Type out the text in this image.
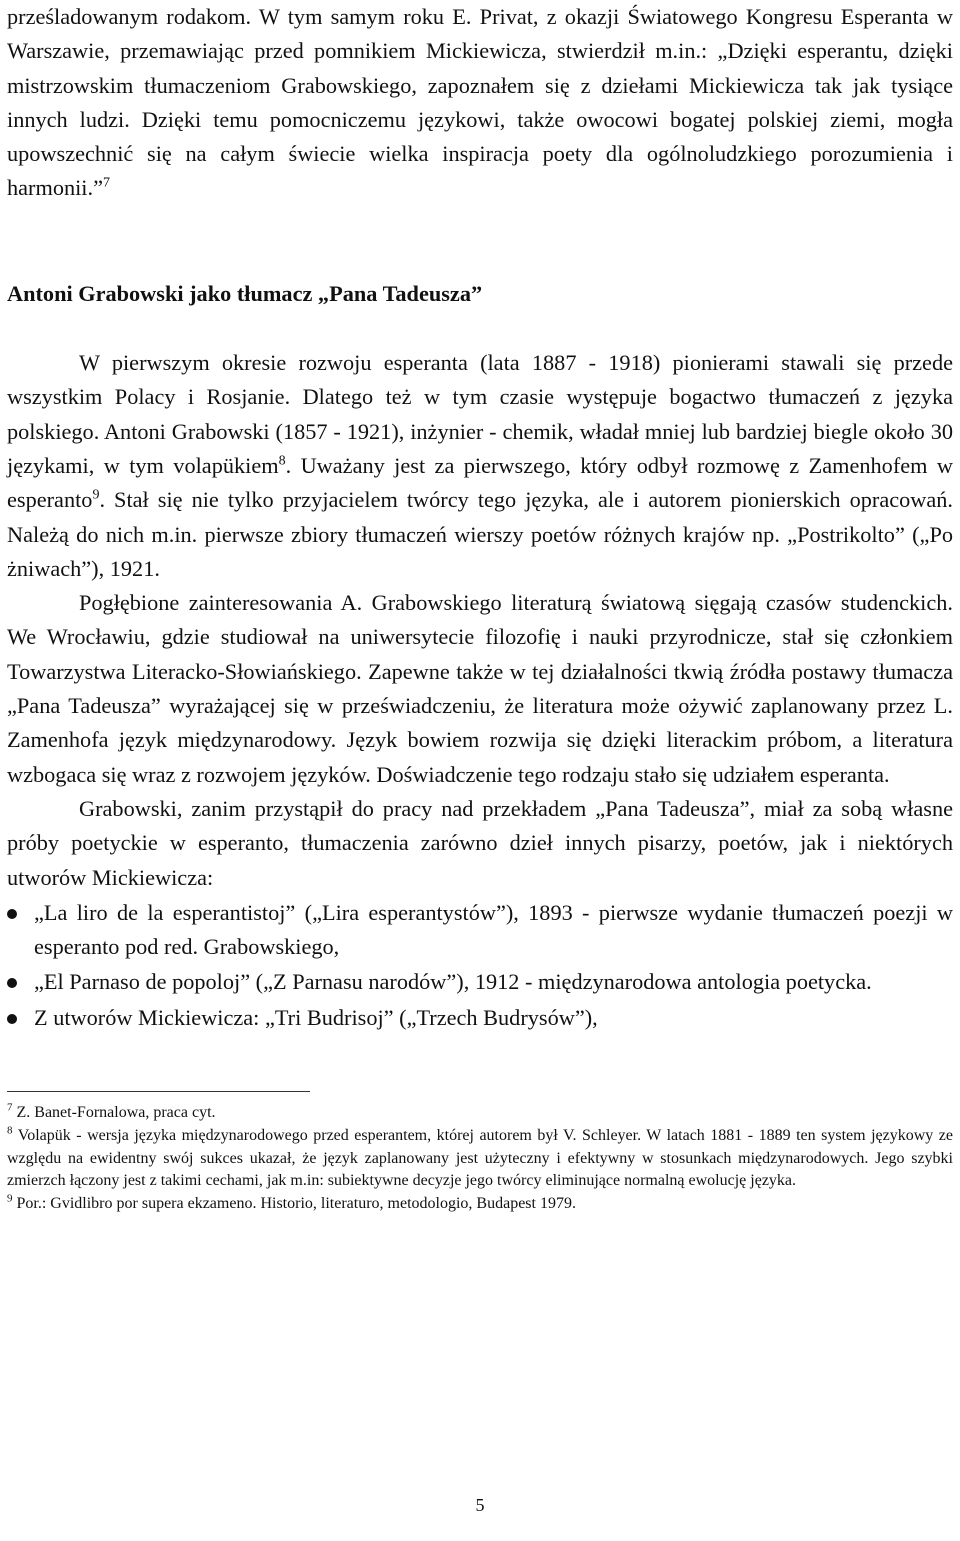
prześladowanym rodakom. W tym samym roku E. Privat, z okazji Światowego Kongresu Esperanta w Warszawie, przemawiając przed pomnikiem Mickiewicza, stwierdził m.in.: „Dzięki esperantu, dzięki mistrzowskim tłumaczeniom Grabowskiego, zapoznałem się z dziełami Mickiewicza tak jak tysiące innych ludzi. Dzięki temu pomocniczemu językowi, także owocowi bogatej polskiej ziemi, mogła upowszechnić się na całym świecie wielka inspiracja poety dla ogólnoludzkiego porozumienia i harmonii.”$^7$

Antoni Grabowski jako tłumacz „Pana Tadeusza”

W pierwszym okresie rozwoju esperanta (lata 1887 - 1918) pionierami stawali się przede wszystkim Polacy i Rosjanie. Dlatego też w tym czasie występuje bogactwo tłumaczeń z języka polskiego. Antoni Grabowski (1857 - 1921), inżynier - chemik, władał mniej lub bardziej biegle około 30 językami, w tym volapükiem$^8$. Uważany jest za pierwszego, który odbył rozmowę z Zamenhofem w esperanto$^9$. Stał się nie tylko przyjacielem twórcy tego języka, ale i autorem pionierskich opracowań. Należą do nich m.in. pierwsze zbiory tłumaczeń wierszy poetów różnych krajów np. „Postrikolto” („Po żniwach”), 1921.

Pogłębione zainteresowania A. Grabowskiego literaturą światową sięgają czasów studenckich. We Wrocławiu, gdzie studiował na uniwersytecie filozofię i nauki przyrodnicze, stał się członkiem Towarzystwa Literacko-Słowiańskiego. Zapewne także w tej działalności tkwią źródła postawy tłumacza „Pana Tadeusza” wyrażającej się w przeświadczeniu, że literatura może ożywić zaplanowany przez L. Zamenhofa język międzynarodowy. Język bowiem rozwija się dzięki literackim próbom, a literatura wzbogaca się wraz z rozwojem języków. Doświadczenie tego rodzaju stało się udziałem esperanta.

Grabowski, zanim przystąpił do pracy nad przekładem „Pana Tadeusza”, miał za sobą własne próby poetyckie w esperanto, tłumaczenia zarówno dzieł innych pisarzy, poetów, jak i niektórych utworów Mickiewicza:

„La liro de la esperantistoj” („Lira esperantystów”), 1893 - pierwsze wydanie tłumaczeń poezji w esperanto pod red. Grabowskiego,
„El Parnaso de popoloj” („Z Parnasu narodów”), 1912 - międzynarodowa antologia poetycka.
Z utworów Mickiewicza: „Tri Budrisoj” („Trzech Budrysów”),

$^7$ Z. Banet-Fornalowa, praca cyt.

$^8$ Volapük - wersja języka międzynarodowego przed esperantem, której autorem był V. Schleyer. W latach 1881 - 1889 ten system językowy ze względu na ewidentny swój sukces ukazał, że język zaplanowany jest użyteczny i efektywny w stosunkach międzynarodowych. Jego szybki zmierzch łączony jest z takimi cechami, jak m.in: subiektywne decyzje jego twórcy eliminujące normalną ewolucję języka.

$^9$ Por.: Gvidlibro por supera ekzameno. Historio, literaturo, metodologio, Budapest 1979.

5
